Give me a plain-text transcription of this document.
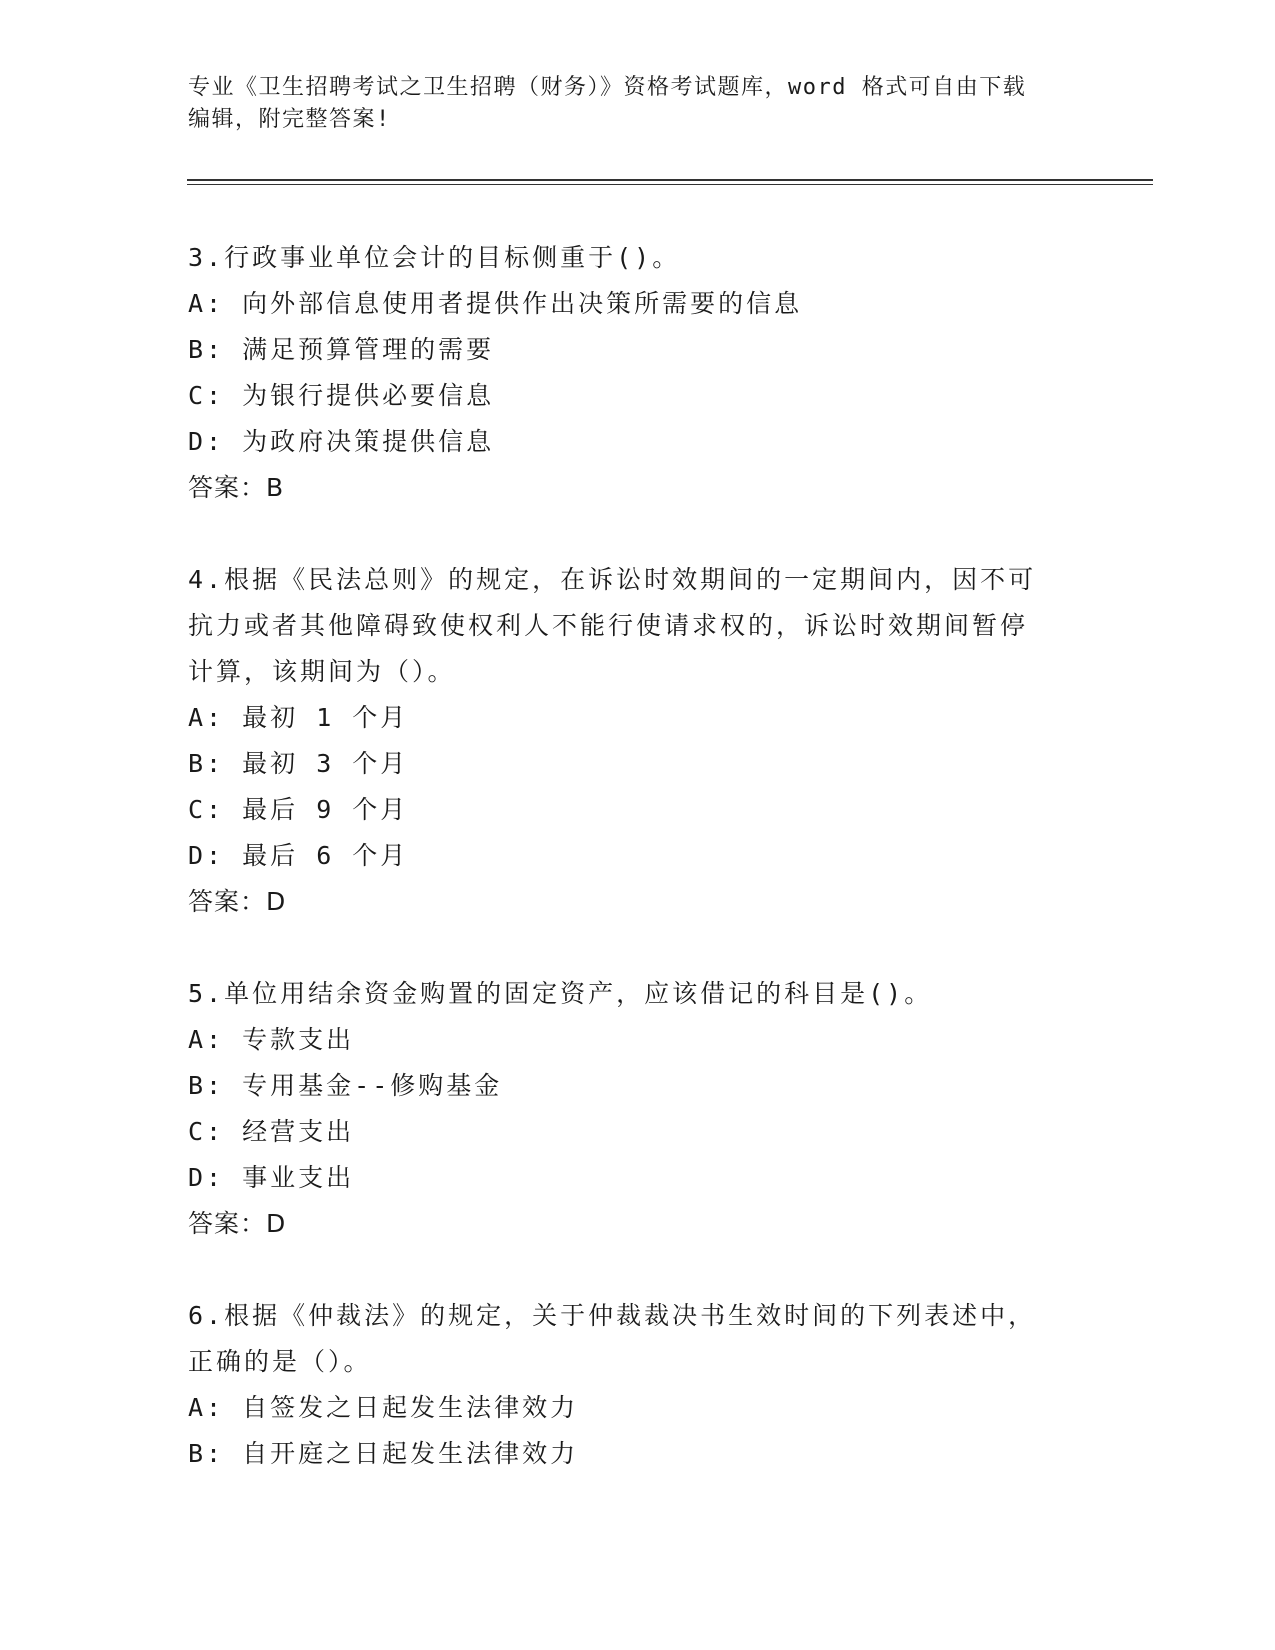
专业《卫生招聘考试之卫生招聘（财务）》资格考试题库，word 格式可自由下载
编辑，附完整答案!
3.行政事业单位会计的目标侧重于()。
A: 向外部信息使用者提供作出决策所需要的信息
B: 满足预算管理的需要
C: 为银行提供必要信息
D: 为政府决策提供信息
答案：B
4.根据《民法总则》的规定，在诉讼时效期间的一定期间内，因不可
抗力或者其他障碍致使权利人不能行使请求权的，诉讼时效期间暂停
计算，该期间为（）。
A: 最初 1 个月
B: 最初 3 个月
C: 最后 9 个月
D: 最后 6 个月
答案：D
5.单位用结余资金购置的固定资产，应该借记的科目是()。
A: 专款支出
B: 专用基金--修购基金
C: 经营支出
D: 事业支出
答案：D
6.根据《仲裁法》的规定，关于仲裁裁决书生效时间的下列表述中，
正确的是（）。
A: 自签发之日起发生法律效力
B: 自开庭之日起发生法律效力
